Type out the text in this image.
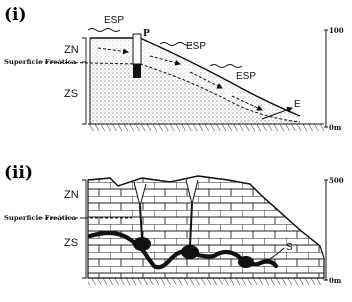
(i)
P
ESP
ESP
ESP
E
ZN
ZS
Superficie Freática
100
0m
(ii)
S
ZN
ZS
Superficie Freática
500
0m
